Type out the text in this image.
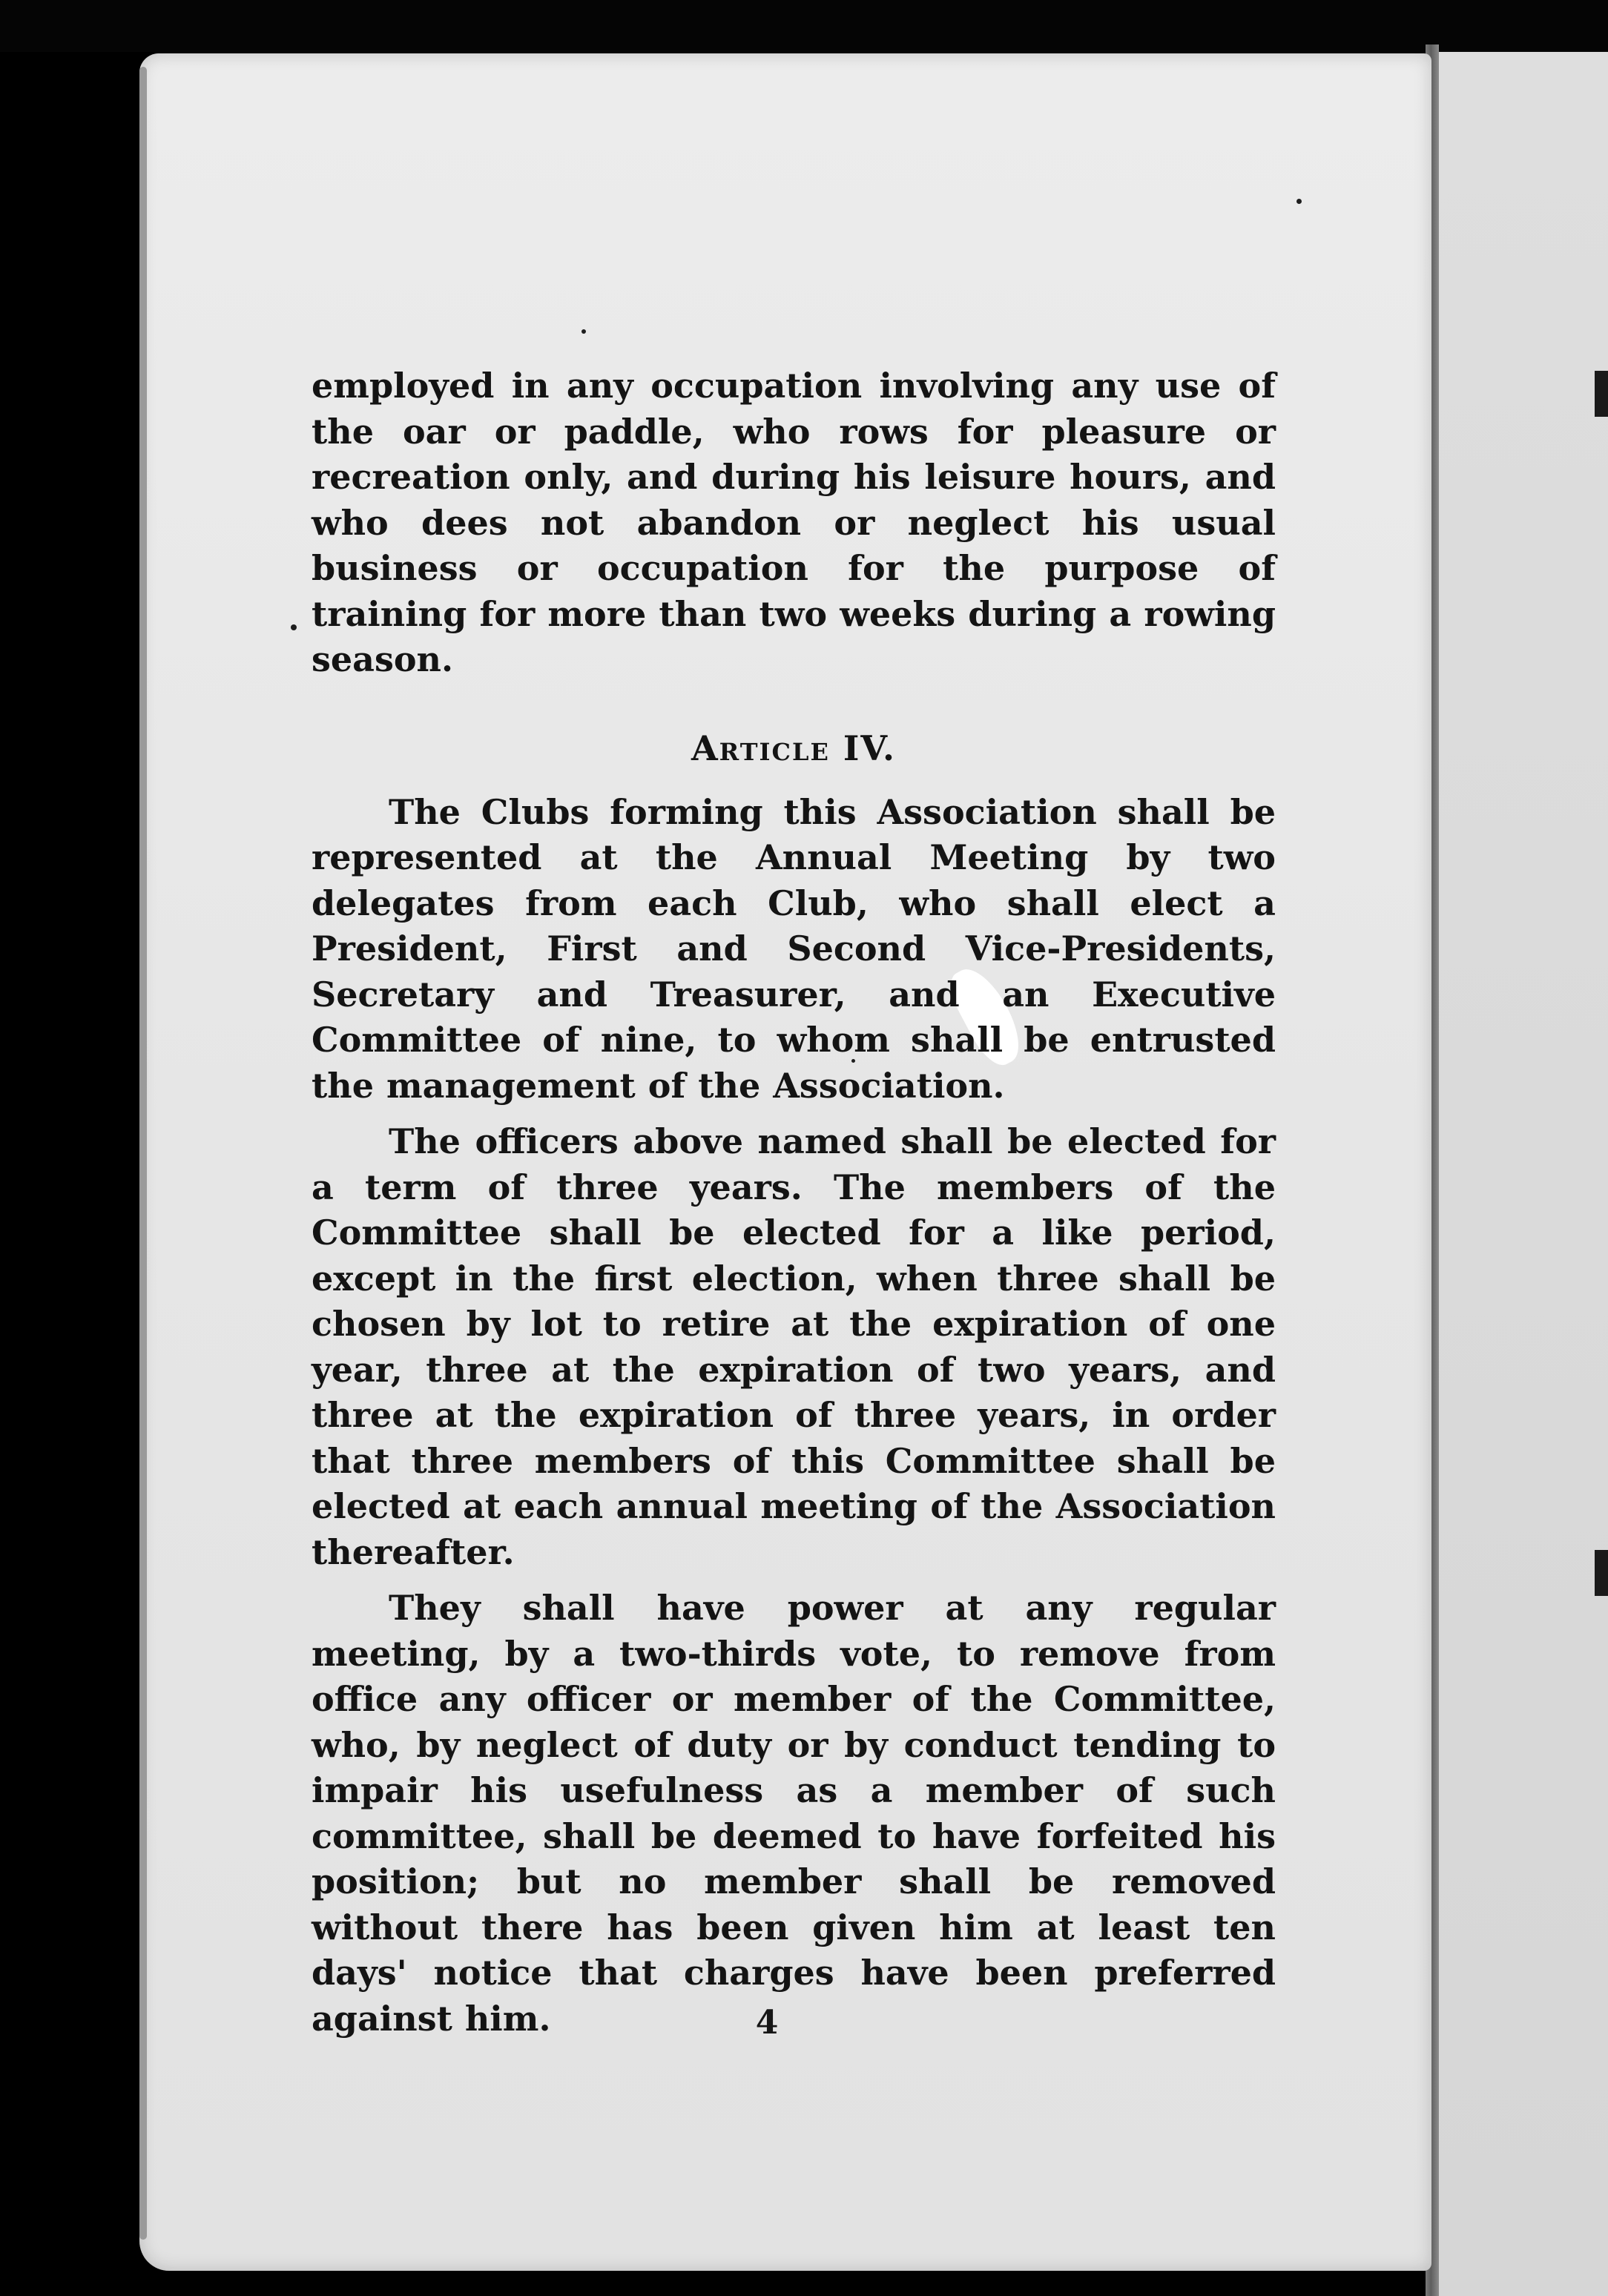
employed in any occupation involving any use of the oar or paddle, who rows for pleasure or recreation only, and during his leisure hours, and who dees not abandon or neglect his usual business or occupation for the purpose of training for more than two weeks during a rowing season.

Article IV.

The Clubs forming this Association shall be represented at the Annual Meeting by two delegates from each Club, who shall elect a President, First and Second Vice-Presidents, Secretary and Treasurer, and an Executive Committee of nine, to whom shall be entrusted the management of the Association.

The officers above named shall be elected for a term of three years. The members of the Committee shall be elected for a like period, except in the first election, when three shall be chosen by lot to retire at the expiration of one year, three at the expiration of two years, and three at the expiration of three years, in order that three members of this Committee shall be elected at each annual meeting of the Association thereafter.

They shall have power at any regular meeting, by a two-thirds vote, to remove from office any officer or member of the Committee, who, by neglect of duty or by conduct tending to impair his usefulness as a member of such committee, shall be deemed to have forfeited his position; but no member shall be removed without there has been given him at least ten days' notice that charges have been preferred against him.	4
